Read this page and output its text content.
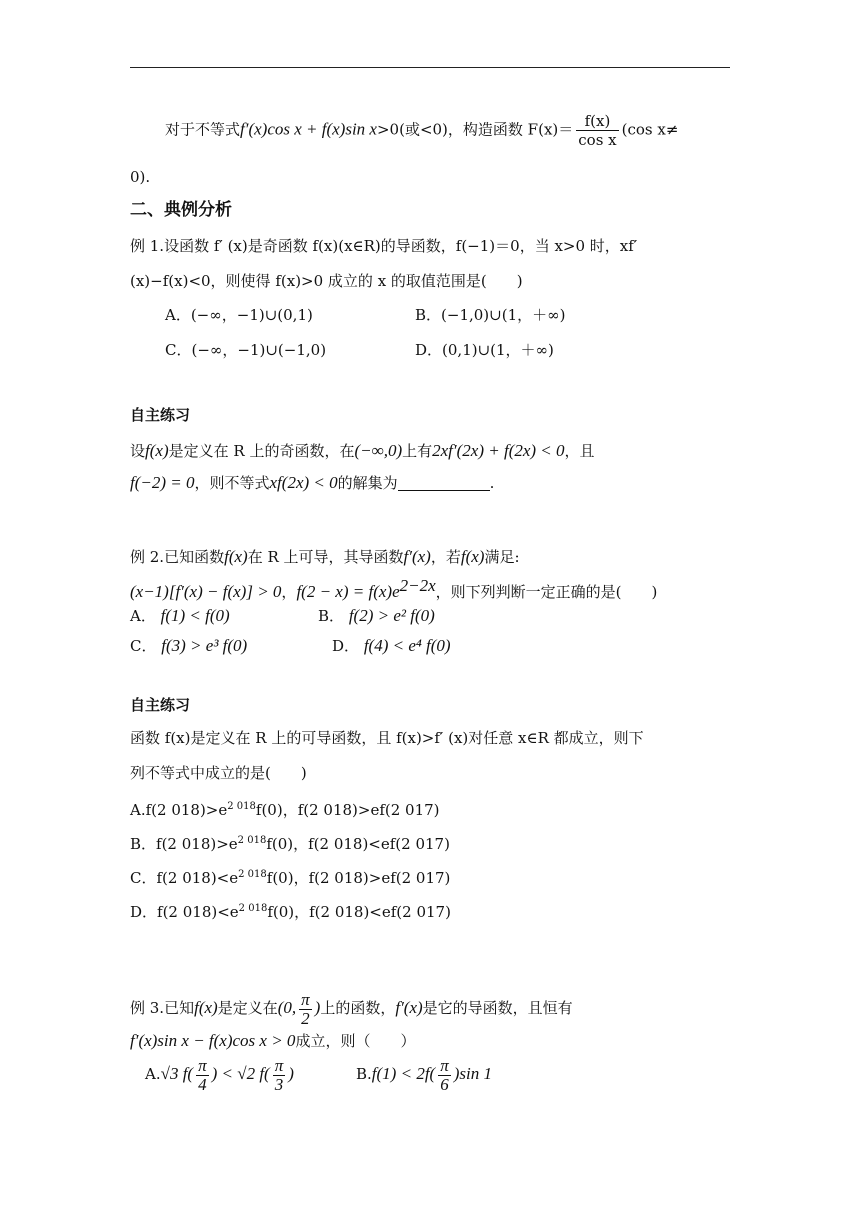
对于不等式f′(x)cos x + f(x)sin x>0(或<0)，构造函数 $F(x)= \frac{f(x)}{\text{cos x}} (\cos$ x≠
0).
二、典例分析
例 1.设函数 f′ (x)是奇函数 f(x)(x∈R)的导函数，f(−1)＝0，当 x>0 时，xf′
(x)−f(x)<0，则使得 f(x)>0 成立的 x 的取值范围是(　　)
A．(−∞，−1)∪(0,1)	B．(−1,0)∪(1，＋∞)
C．(−∞，−1)∪(−1,0)	D．(0,1)∪(1，＋∞)
自主练习
设f(x)是定义在 R 上的奇函数，在(−∞,0)上有2xf′(2x) + f(2x) < 0，且
f(−2) = 0，则不等式xf(2x) < 0的解集为	.
例 2.已知函数f(x)在 R 上可导，其导函数f′(x)，若f(x)满足:
(x−1)[f′(x) − f(x)] > 0，$f(2 - x) = f(x)e^{2-2x}$，则下列判断一定正确的是(　　)
A． f(1) < f(0)	B． f(2) > e² f(0)
C． f(3) > e³ f(0)	D． f(4) < e⁴ f(0)
自主练习
函数 f(x)是定义在 R 上的可导函数，且 f(x)>f′ (x)对任意 x∈R 都成立，则下
列不等式中成立的是(　　)
A.f(2 $018)>e^{2 018}f(0)$，f(2 018)>ef(2 017)
B．f(2 $018)>e^{2 018}f(0)$，f(2 018)<ef(2 017)
C．f(2 $018)<e^{2 018}f(0)$，f(2 018)>ef(2 017)
D．f(2 $018)<e^{2 018}f(0)$，f(2 018)<ef(2 017)
例 3.已知f(x)是定义在(0, $\frac{\pi}{2}$ )上的函数，f′(x)是它的导函数，且恒有
f′(x)sin x − f(x)cos x > 0成立，则（　　）
A.√3 $f( \frac{\pi}{4}$ ) < √2 $f( \frac{\pi}{3}$ )	$B.f(1) < 2f( \frac{\pi}{6} )\sin$ 1
